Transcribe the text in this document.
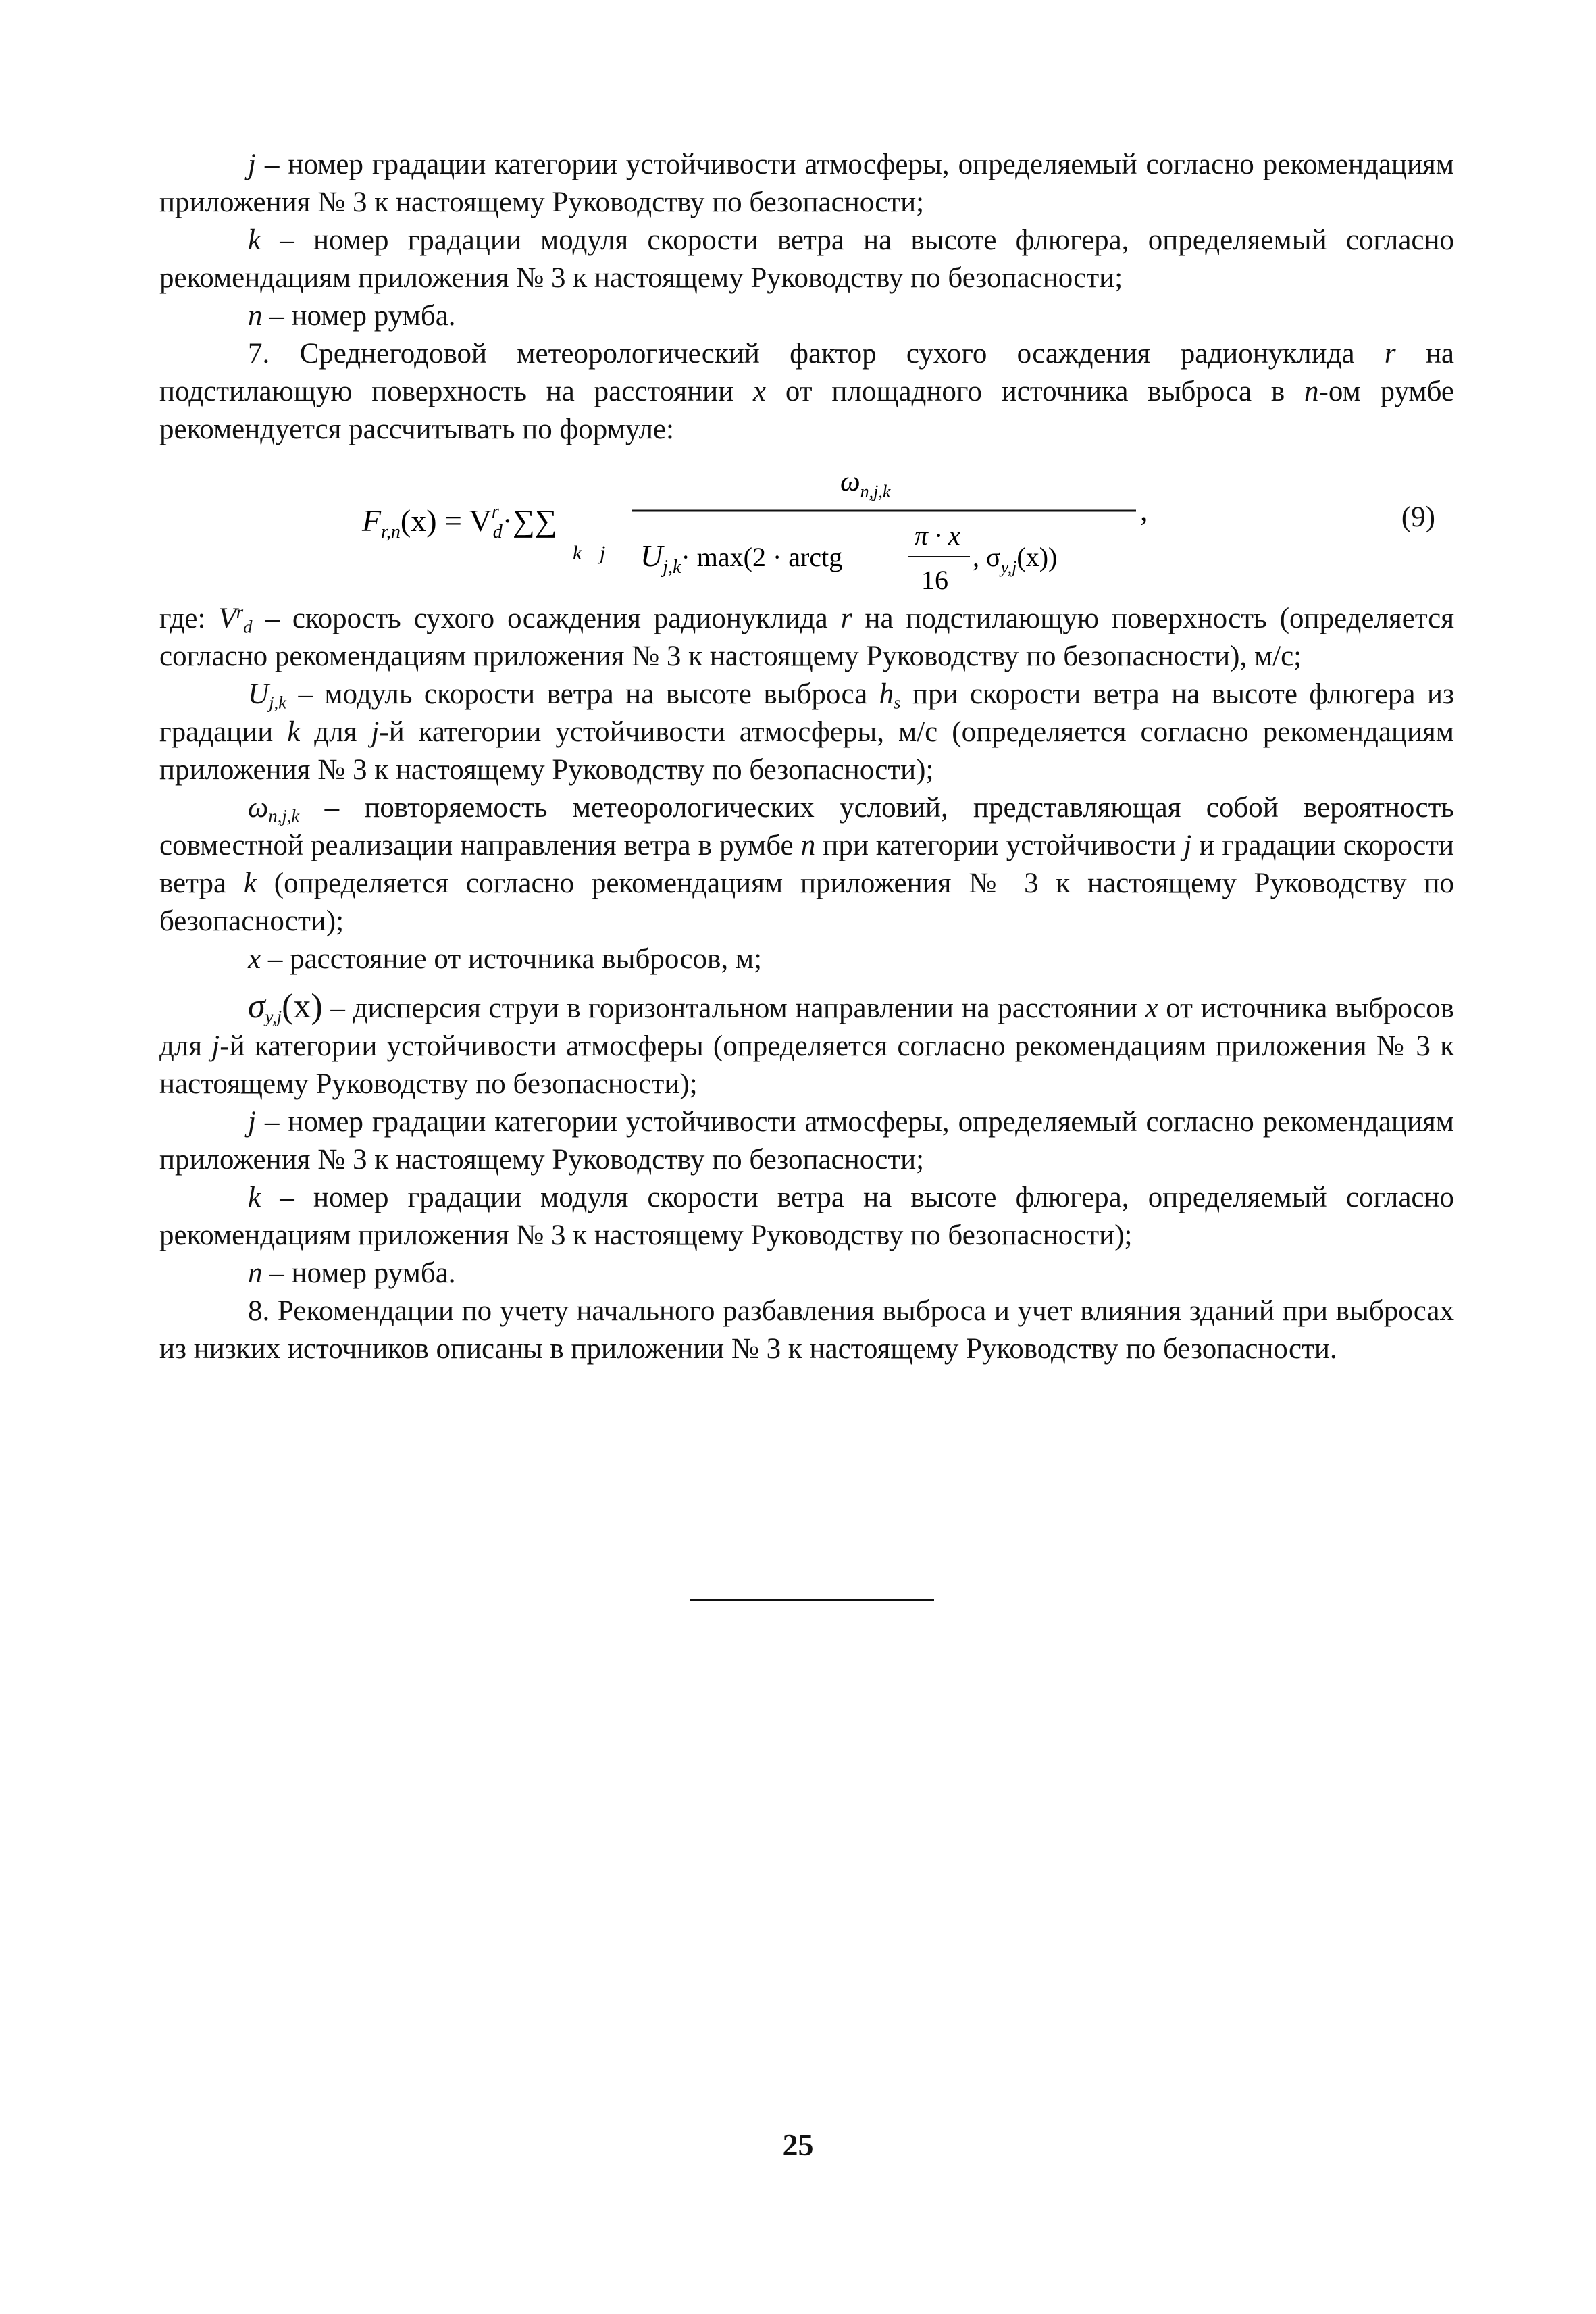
j – номер градации категории устойчивости атмосферы, определяемый согласно рекомендациям приложения № 3 к настоящему Руководству по безопасности;

k – номер градации модуля скорости ветра на высоте флюгера, определяемый согласно рекомендациям приложения № 3 к настоящему Руководству по безопасности;

n – номер румба.

7. Среднегодовой метеорологический фактор сухого осаждения радионуклида r на подстилающую поверхность на расстоянии x от площадного источника выброса в n-ом румбе рекомендуется рассчитывать по формуле:

$F_{r,n}(x) = V^r$ d·∑∑
k j
$\omega_{n,j,k}$
,
$U_{j,k}\cdot \max(2$ · arctg
π · x
16
, $\sigma_{y,j}(x)$)
(9)

где: $V^r_d$ – скорость сухого осаждения радионуклида r на подстилающую поверхность (определяется согласно рекомендациям приложения № 3 к настоящему Руководству по безопасности), м/с;

$U_{j,k}$ – модуль скорости ветра на высоте выброса $h_s$ при скорости ветра на высоте флюгера из градации k для j-й категории устойчивости атмосферы, м/с (определяется согласно рекомендациям приложения № 3 к настоящему Руководству по безопасности);

$\omega_{n,j,k}$ – повторяемость метеорологических условий, представляющая собой вероятность совместной реализации направления ветра в румбе n при категории устойчивости j и градации скорости ветра k (определяется согласно рекомендациям приложения № 3 к настоящему Руководству по безопасности);

x – расстояние от источника выбросов, м;

$\sigma_{y,j}(x)$ – дисперсия струи в горизонтальном направлении на расстоянии x от источника выбросов для j-й категории устойчивости атмосферы (определяется согласно рекомендациям приложения № 3 к настоящему Руководству по безопасности);

j – номер градации категории устойчивости атмосферы, определяемый согласно рекомендациям приложения № 3 к настоящему Руководству по безопасности;

k – номер градации модуля скорости ветра на высоте флюгера, определяемый согласно рекомендациям приложения № 3 к настоящему Руководству по безопасности);

n – номер румба.

8. Рекомендации по учету начального разбавления выброса и учет влияния зданий при выбросах из низких источников описаны в приложении № 3 к настоящему Руководству по безопасности.

25
